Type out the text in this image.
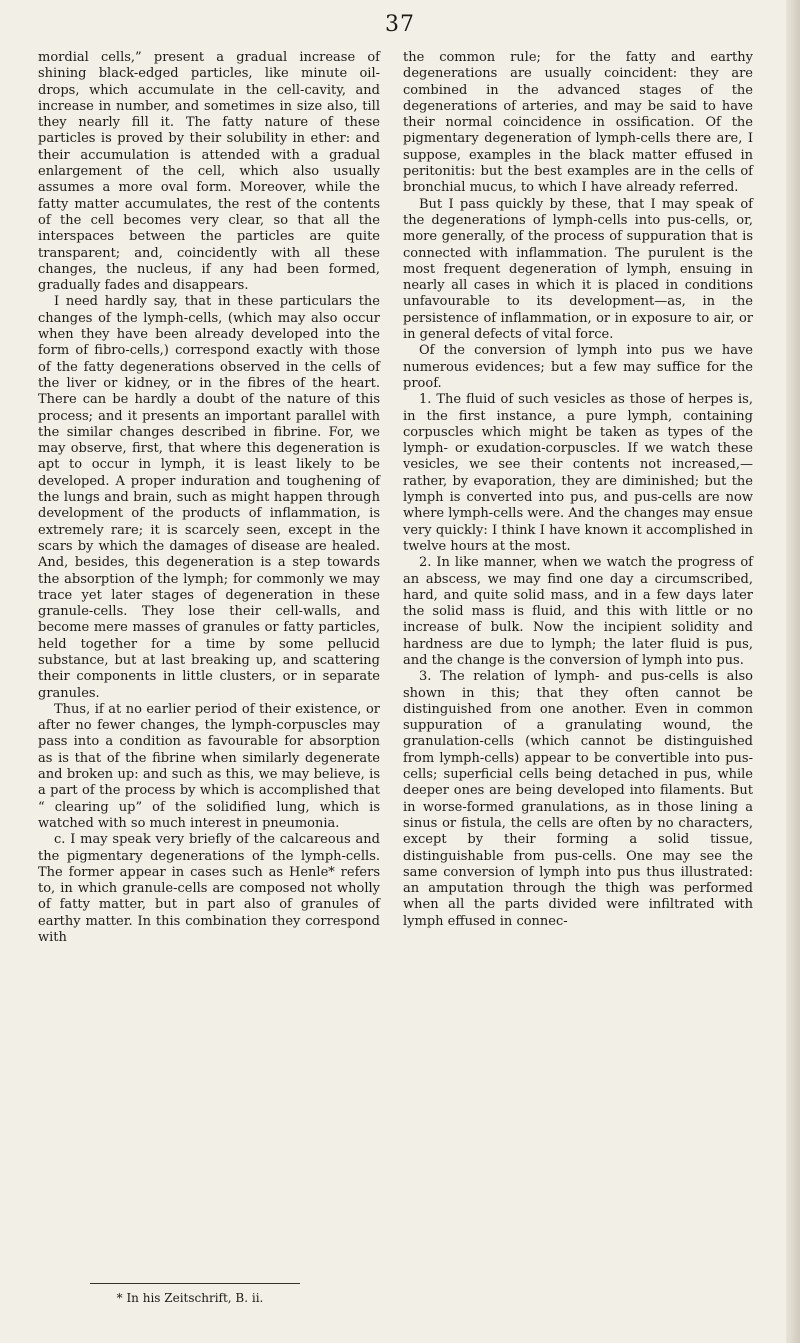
37

mordial cells,” present a gradual increase of shining black-edged particles, like minute oil-drops, which accumulate in the cell-cavity, and increase in number, and sometimes in size also, till they nearly fill it. The fatty nature of these particles is proved by their solubility in ether: and their accumulation is attended with a gradual enlargement of the cell, which also usually assumes a more oval form. Moreover, while the fatty matter accumulates, the rest of the contents of the cell becomes very clear, so that all the interspaces between the particles are quite transparent; and, coincidently with all these changes, the nucleus, if any had been formed, gradually fades and disappears.

I need hardly say, that in these particulars the changes of the lymph-cells, (which may also occur when they have been already developed into the form of fibro-cells,) correspond exactly with those of the fatty degenerations observed in the cells of the liver or kidney, or in the fibres of the heart. There can be hardly a doubt of the nature of this process; and it presents an important parallel with the similar changes described in fibrine. For, we may observe, first, that where this degeneration is apt to occur in lymph, it is least likely to be developed. A proper induration and toughening of the lungs and brain, such as might happen through development of the products of inflammation, is extremely rare; it is scarcely seen, except in the scars by which the damages of disease are healed. And, besides, this degeneration is a step towards the absorption of the lymph; for commonly we may trace yet later stages of degeneration in these granule-cells. They lose their cell-walls, and become mere masses of granules or fatty particles, held together for a time by some pellucid substance, but at last breaking up, and scattering their components in little clusters, or in separate granules.

Thus, if at no earlier period of their existence, or after no fewer changes, the lymph-corpuscles may pass into a condition as favourable for absorption as is that of the fibrine when similarly degenerate and broken up: and such as this, we may believe, is a part of the process by which is accomplished that “ clearing up” of the solidified lung, which is watched with so much interest in pneumonia.

c. I may speak very briefly of the calcareous and the pigmentary degenerations of the lymph-cells. The former appear in cases such as Henle* refers to, in which granule-cells are composed not wholly of fatty matter, but in part also of granules of earthy matter. In this combination they correspond with

the common rule; for the fatty and earthy degenerations are usually coincident: they are combined in the advanced stages of the degenerations of arteries, and may be said to have their normal coincidence in ossification. Of the pigmentary degeneration of lymph-cells there are, I suppose, examples in the black matter effused in peritonitis: but the best examples are in the cells of bronchial mucus, to which I have already referred.

But I pass quickly by these, that I may speak of the degenerations of lymph-cells into pus-cells, or, more generally, of the process of suppuration that is connected with inflammation. The purulent is the most frequent degeneration of lymph, ensuing in nearly all cases in which it is placed in conditions unfavourable to its development—as, in the persistence of inflammation, or in exposure to air, or in general defects of vital force.

Of the conversion of lymph into pus we have numerous evidences; but a few may suffice for the proof.

1. The fluid of such vesicles as those of herpes is, in the first instance, a pure lymph, containing corpuscles which might be taken as types of the lymph- or exudation-corpuscles. If we watch these vesicles, we see their contents not increased,— rather, by evaporation, they are diminished; but the lymph is converted into pus, and pus-cells are now where lymph-cells were. And the changes may ensue very quickly: I think I have known it accomplished in twelve hours at the most.

2. In like manner, when we watch the progress of an abscess, we may find one day a circumscribed, hard, and quite solid mass, and in a few days later the solid mass is fluid, and this with little or no increase of bulk. Now the incipient solidity and hardness are due to lymph; the later fluid is pus, and the change is the conversion of lymph into pus.

3. The relation of lymph- and pus-cells is also shown in this; that they often cannot be distinguished from one another. Even in common suppuration of a granulating wound, the granulation-cells (which cannot be distinguished from lymph-cells) appear to be convertible into pus-cells; superficial cells being detached in pus, while deeper ones are being developed into filaments. But in worse-formed granulations, as in those lining a sinus or fistula, the cells are often by no characters, except by their forming a solid tissue, distinguishable from pus-cells. One may see the same conversion of lymph into pus thus illustrated: an amputation through the thigh was performed when all the parts divided were infiltrated with lymph effused in connec-

* In his Zeitschrift, B. ii.
